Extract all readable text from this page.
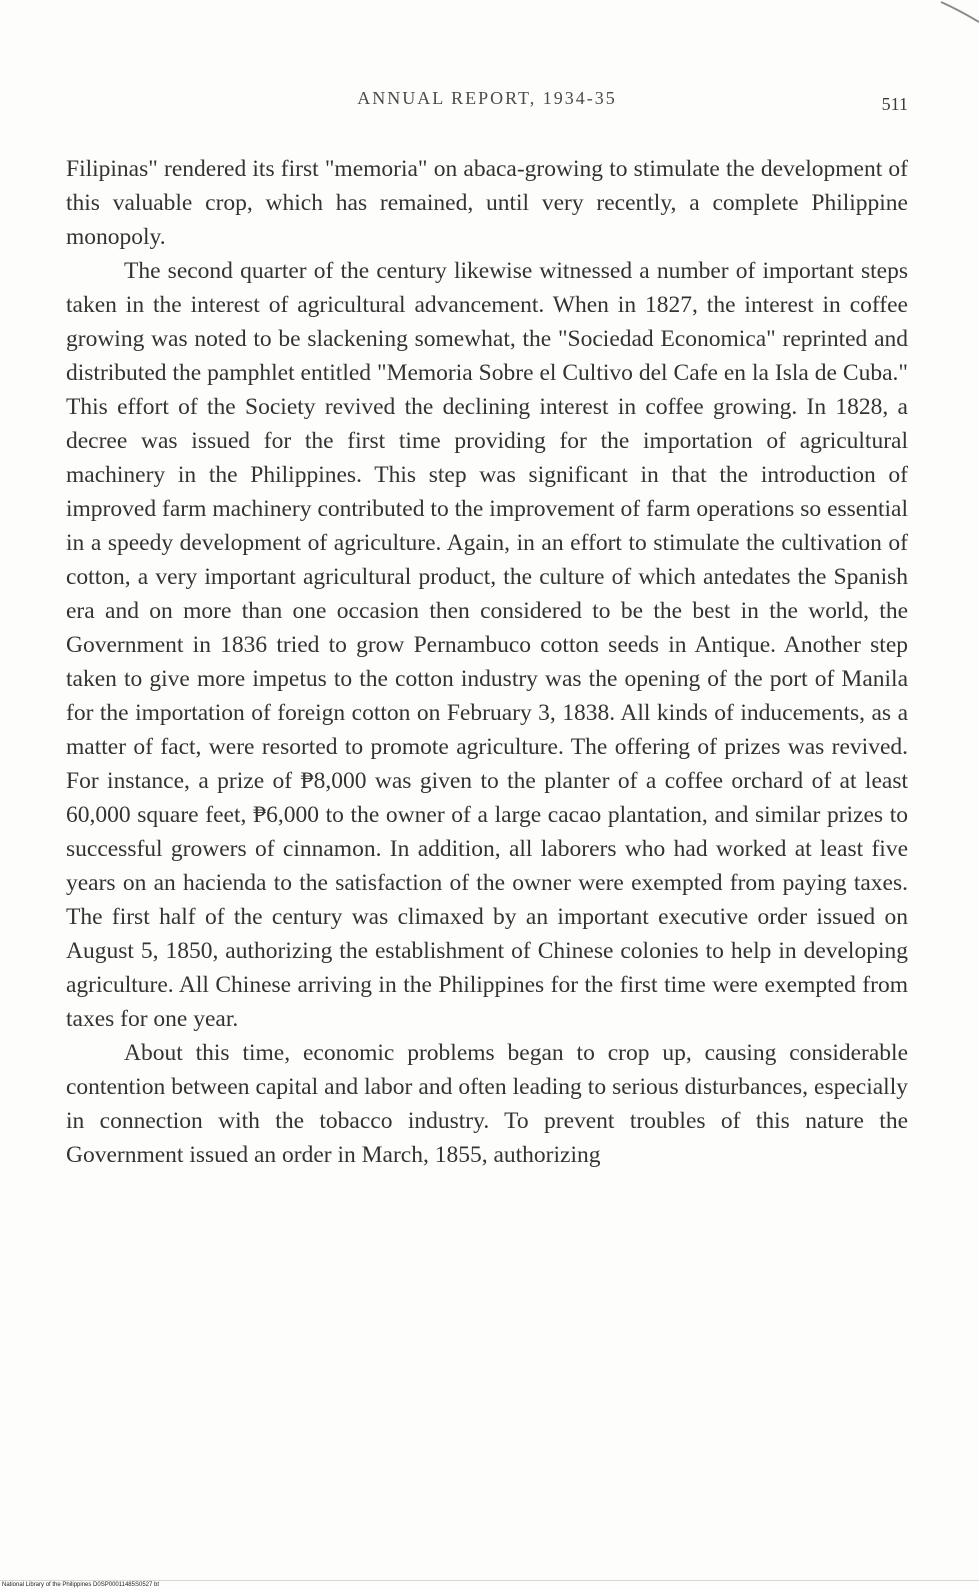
ANNUAL REPORT, 1934-35	511

Filipinas" rendered its first "memoria" on abaca-growing to stimulate the development of this valuable crop, which has remained, until very recently, a complete Philippine monopoly.

The second quarter of the century likewise witnessed a number of important steps taken in the interest of agricultural advancement. When in 1827, the interest in coffee growing was noted to be slackening somewhat, the "Sociedad Economica" reprinted and distributed the pamphlet entitled "Memoria Sobre el Cultivo del Cafe en la Isla de Cuba." This effort of the Society revived the declining interest in coffee growing. In 1828, a decree was issued for the first time providing for the importation of agricultural machinery in the Philippines. This step was significant in that the introduction of improved farm machinery contributed to the improvement of farm operations so essential in a speedy development of agriculture. Again, in an effort to stimulate the cultivation of cotton, a very important agricultural product, the culture of which antedates the Spanish era and on more than one occasion then considered to be the best in the world, the Government in 1836 tried to grow Pernambuco cotton seeds in Antique. Another step taken to give more impetus to the cotton industry was the opening of the port of Manila for the importation of foreign cotton on February 3, 1838. All kinds of inducements, as a matter of fact, were resorted to promote agriculture. The offering of prizes was revived. For instance, a prize of ₱8,000 was given to the planter of a coffee orchard of at least 60,000 square feet, ₱6,000 to the owner of a large cacao plantation, and similar prizes to successful growers of cinnamon. In addition, all laborers who had worked at least five years on an hacienda to the satisfaction of the owner were exempted from paying taxes. The first half of the century was climaxed by an important executive order issued on August 5, 1850, authorizing the establishment of Chinese colonies to help in developing agriculture. All Chinese arriving in the Philippines for the first time were exempted from taxes for one year.

About this time, economic problems began to crop up, causing considerable contention between capital and labor and often leading to serious disturbances, especially in connection with the tobacco industry. To prevent troubles of this nature the Government issued an order in March, 1855, authorizing

National Library of the Philippines D0SP00011485S0527 bt
